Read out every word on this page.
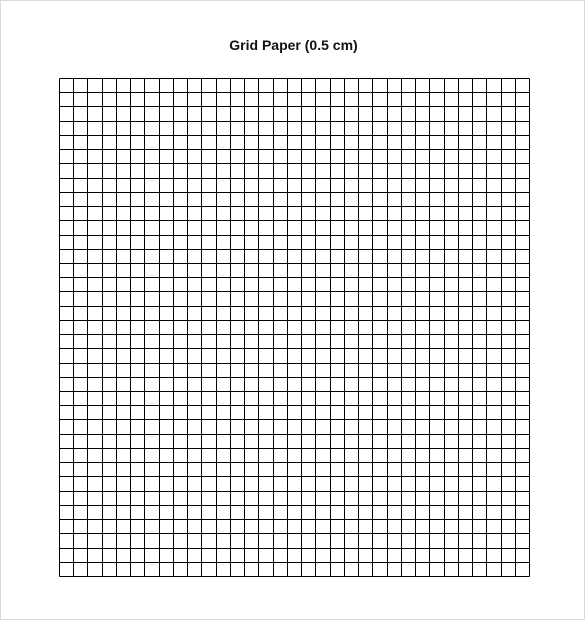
Grid Paper (0.5 cm)
